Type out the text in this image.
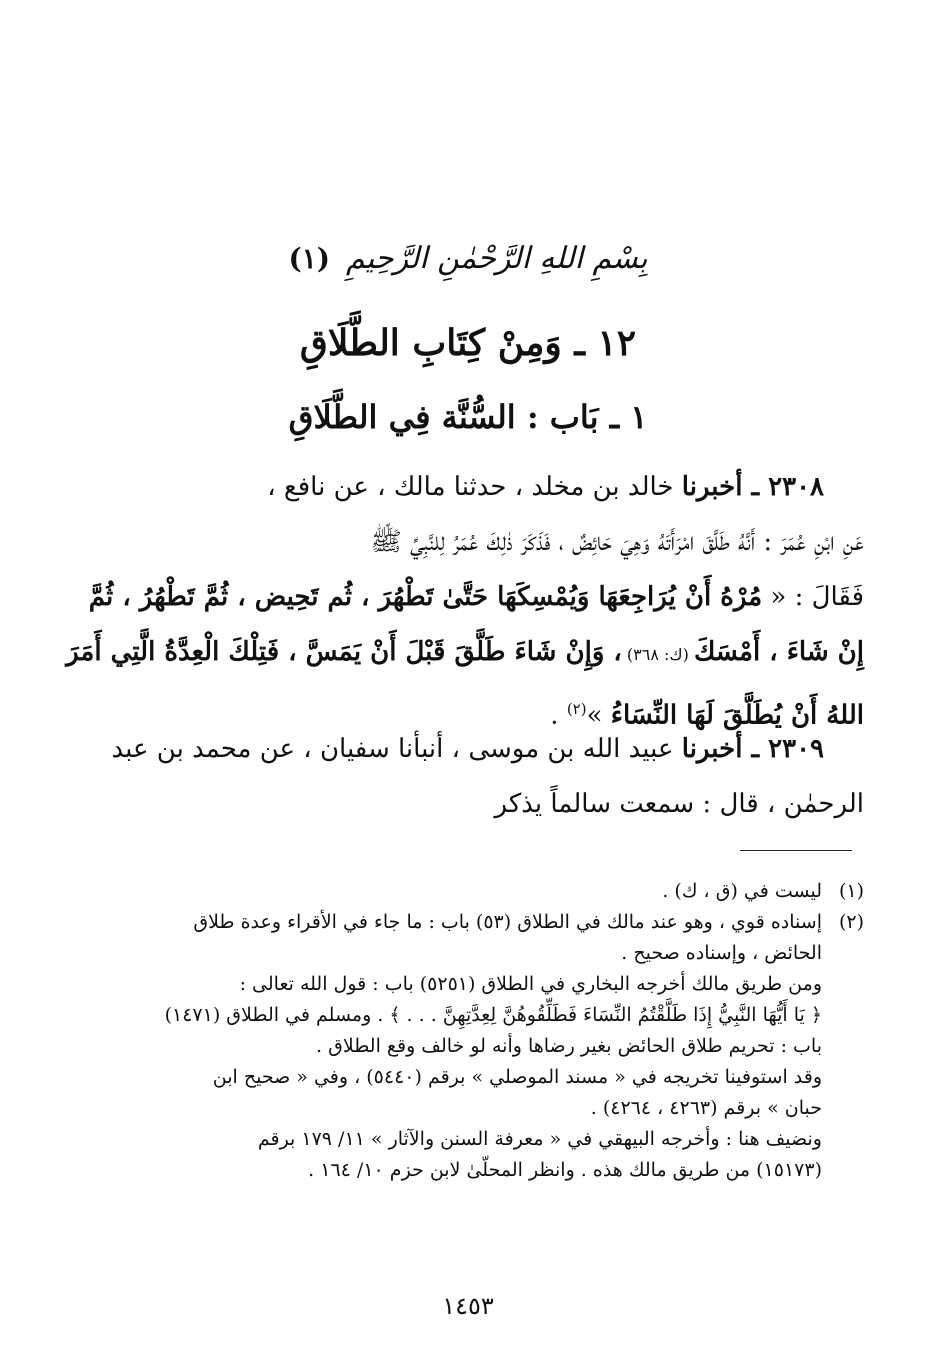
بِسْمِ اللهِ الرَّحْمٰنِ الرَّحِيمِ
(١)
١٢ ـ وَمِنْ كِتَابِ الطَّلَاقِ
١ ـ بَاب : السُّنَّة فِي الطَّلَاقِ
٢٣٠٨ ـ أخبرنا خالد بن مخلد ، حدثنا مالك ، عن نافع ،
عَنِ ابْنِ عُمَرَ : أَنَّهُ طَلَّقَ امْرَأَتَهُ وَهِيَ حَائِضٌ ، فَذَكَرَ ذٰلِكَ عُمَرُ لِلنَّبِيِّ ﷺ
فَقَالَ : « مُرْهُ أَنْ يُرَاجِعَهَا وَيُمْسِكَهَا حَتَّىٰ تَطْهُرَ ، ثُم تَحِيض ، ثُمَّ تَطْهُرُ ، ثُمَّ
إِنْ شَاءَ ، أَمْسَكَ (ك: ٣٦٨) ، وَإِنْ شَاءَ طَلَّقَ قَبْلَ أَنْ يَمَسَّ ، فَتِلْكَ الْعِدَّةُ الَّتِي أَمَرَ
اللهُ أَنْ يُطَلَّقَ لَهَا النِّسَاءُ »$^{(٢)}$ .
٢٣٠٩ ـ أخبرنا عبيد الله بن موسى ، أنبأنا سفيان ، عن محمد بن عبد
الرحمٰن ، قال : سمعت سالماً يذكر
(١)
ليست في (ق ، ك) .
(٢)
إسناده قوي ، وهو عند مالك في الطلاق (٥٣) باب : ما جاء في الأقراء وعدة طلاق
الحائض ، وإسناده صحيح .
ومن طريق مالك أخرجه البخاري في الطلاق (٥٢٥١) باب : قول الله تعالى :
﴿ يَا أَيُّهَا النَّبِيُّ إِذَا طَلَّقْتُمُ النِّسَاءَ فَطَلِّقُوهُنَّ لِعِدَّتِهِنَّ . . . ﴾ . ومسلم في الطلاق (١٤٧١)
باب : تحريم طلاق الحائض بغير رضاها وأنه لو خالف وقع الطلاق .
وقد استوفينا تخريجه في « مسند الموصلي » برقم (٥٤٤٠) ، وفي « صحيح ابن
حبان » برقم (٤٢٦٣ ، ٤٢٦٤) .
ونضيف هنا : وأخرجه البيهقي في « معرفة السنن والآثار » ١١/ ١٧٩ برقم
(١٥١٧٣) من طريق مالك هذه . وانظر المحلّىٰ لابن حزم ١٠/ ١٦٤ .
١٤٥٣
